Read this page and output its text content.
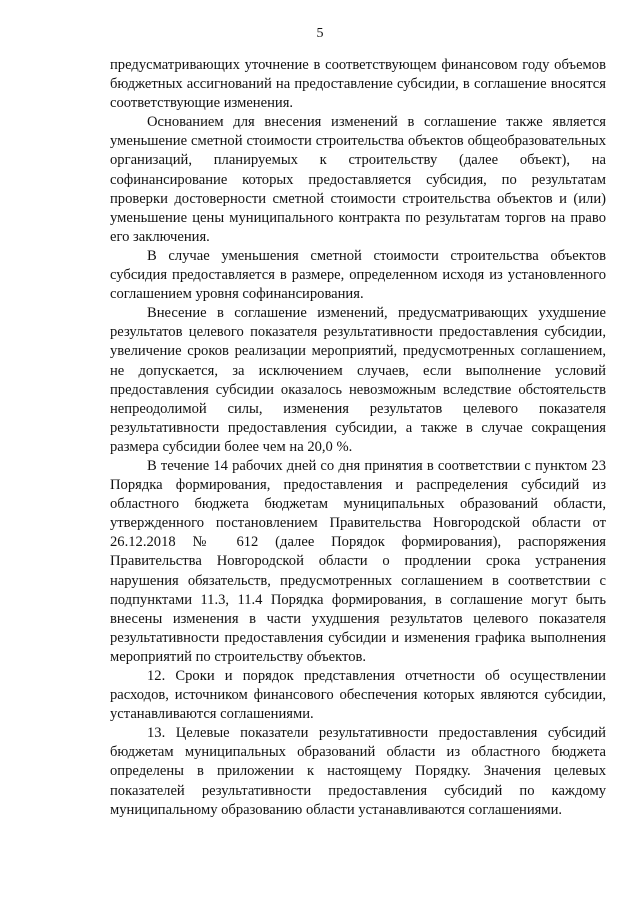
5

предусматривающих уточнение в соответствующем финансовом году объемов бюджетных ассигнований на предоставление субсидии, в соглашение вносятся соответствующие изменения.

Основанием для внесения изменений в соглашение также является уменьшение сметной стоимости строительства объектов общеобразовательных организаций, планируемых к строительству (далее объект), на софинансирование которых предоставляется субсидия, по результатам проверки достоверности сметной стоимости строительства объектов и (или) уменьшение цены муниципального контракта по результатам торгов на право его заключения.

В случае уменьшения сметной стоимости строительства объектов субсидия предоставляется в размере, определенном исходя из установленного соглашением уровня софинансирования.

Внесение в соглашение изменений, предусматривающих ухудшение результатов целевого показателя результативности предоставления субсидии, увеличение сроков реализации мероприятий, предусмотренных соглашением, не допускается, за исключением случаев, если выполнение условий предоставления субсидии оказалось невозможным вследствие обстоятельств непреодолимой силы, изменения результатов целевого показателя результативности предоставления субсидии, а также в случае сокращения размера субсидии более чем на 20,0 %.

В течение 14 рабочих дней со дня принятия в соответствии с пунктом 23 Порядка формирования, предоставления и распределения субсидий из областного бюджета бюджетам муниципальных образований области, утвержденного постановлением Правительства Новгородской области от 26.12.2018 № 612 (далее Порядок формирования), распоряжения Правительства Новгородской области о продлении срока устранения нарушения обязательств, предусмотренных соглашением в соответствии с подпунктами 11.3, 11.4 Порядка формирования, в соглашение могут быть внесены изменения в части ухудшения результатов целевого показателя результативности предоставления субсидии и изменения графика выполнения мероприятий по строительству объектов.

12. Сроки и порядок представления отчетности об осуществлении расходов, источником финансового обеспечения которых являются субсидии, устанавливаются соглашениями.

13. Целевые показатели результативности предоставления субсидий бюджетам муниципальных образований области из областного бюджета определены в приложении к настоящему Порядку. Значения целевых показателей результативности предоставления субсидий по каждому муниципальному образованию области устанавливаются соглашениями.
